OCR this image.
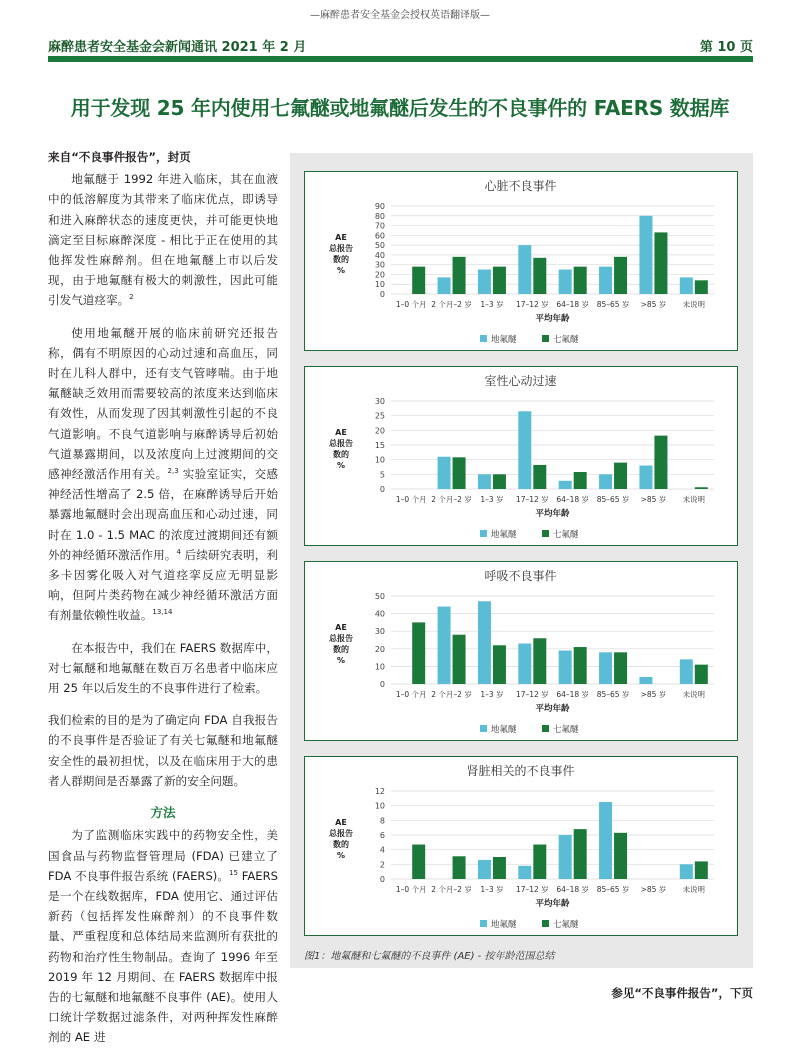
—麻醉患者安全基金会授权英语翻译版—
麻醉患者安全基金会新闻通讯 2021 年 2 月	第 10 页
用于发现 25 年内使用七氟醚或地氟醚后发生的不良事件的 FAERS 数据库
来自“不良事件报告”，封页

地氟醚于 1992 年进入临床，其在血液中的低溶解度为其带来了临床优点，即诱导和进入麻醉状态的速度更快，并可能更快地滴定至目标麻醉深度 - 相比于正在使用的其他挥发性麻醉剂。但在地氟醚上市以后发现，由于地氟醚有极大的刺激性，因此可能引发气道痉挛。$^2$

使用地氟醚开展的临床前研究还报告称，偶有不明原因的心动过速和高血压，同时在儿科人群中，还有支气管哮喘。由于地氟醚缺乏效用而需要较高的浓度来达到临床有效性，从而发现了因其刺激性引起的不良气道影响。不良气道影响与麻醉诱导后初始气道暴露期间，以及浓度向上过渡期间的交感神经激活作用有关。$^{2,3}$ 实验室证实，交感神经活性增高了 2.5 倍，在麻醉诱导后开始暴露地氟醚时会出现高血压和心动过速，同时在 1.0 - 1.5 MAC 的浓度过渡期间还有额外的神经循环激活作用。$^4$ 后续研究表明，利多卡因雾化吸入对气道痉挛反应无明显影响，但阿片类药物在减少神经循环激活方面有剂量依赖性收益。$^{13,14}$

在本报告中，我们在 FAERS 数据库中，对七氟醚和地氟醚在数百万名患者中临床应用 25 年以后发生的不良事件进行了检索。

我们检索的目的是为了确定向 FDA 自我报告的不良事件是否验证了有关七氟醚和地氟醚安全性的最初担忧，以及在临床用于大的患者人群期间是否暴露了新的安全问题。

方法

为了监测临床实践中的药物安全性，美国食品与药物监督管理局 (FDA) 已建立了 FDA 不良事件报告系统 (FAERS)。$^{15}$ FAERS 是一个在线数据库，FDA 使用它、通过评估新药（包括挥发性麻醉剂）的不良事件数量、严重程度和总体结局来监测所有获批的药物和治疗性生物制品。查询了 1996 年至 2019 年 12 月期间、在 FAERS 数据库中报告的七氟醚和地氟醚不良事件 (AE)。使用人口统计学数据过滤条件，对两种挥发性麻醉剂的 AE 进

心脏不良事件
0
10
20
30
40
50
60
70
80
90
AE
总报告
数的
%
1–0 个月 2 个月–2 岁 1–3 岁 17–12 岁 64–18 岁 85–65 岁 >85 岁 未说明
平均年龄
地氟醚	七氟醚
室性心动过速
0
5
10
15
20
25
30
AE
总报告
数的
%
1–0 个月 2 个月–2 岁 1–3 岁 17–12 岁 64–18 岁 85–65 岁 >85 岁 未说明
平均年龄
地氟醚	七氟醚
呼吸不良事件
0
10
20
30
40
50
AE
总报告
数的
%
1–0 个月 2 个月–2 岁 1–3 岁 17–12 岁 64–18 岁 85–65 岁 >85 岁 未说明
平均年龄
地氟醚	七氟醚
肾脏相关的不良事件
0
2
4
6
8
10
12
AE
总报告
数的
%
1–0 个月 2 个月–2 岁 1–3 岁 17–12 岁 64–18 岁 85–65 岁 >85 岁 未说明
平均年龄
地氟醚	七氟醚
图1：地氟醚和七氟醚的不良事件 (AE) - 按年龄范围总结
参见“不良事件报告”，下页
